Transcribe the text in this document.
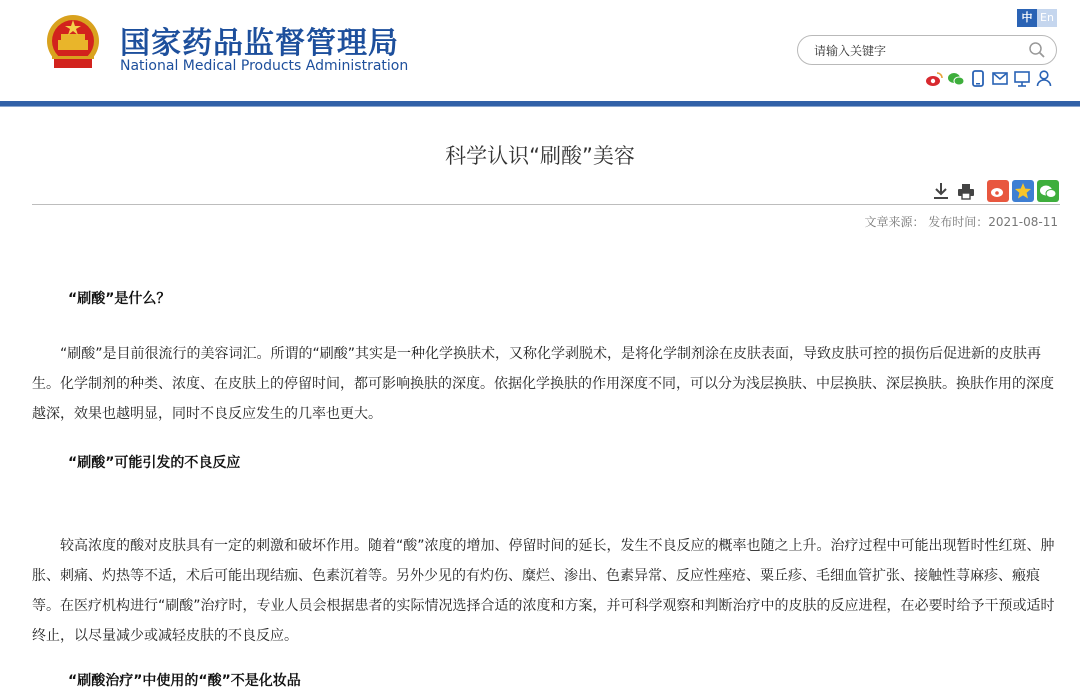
国家药品监督管理局
National Medical Products Administration
中 En
请输入关键字
科学认识“刷酸”美容
文章来源： 发布时间：2021-08-11
“刷酸”是什么？
“刷酸”是目前很流行的美容词汇。所谓的“刷酸”其实是一种化学换肤术，又称化学剥脱术，是将化学制剂涂在皮肤表面，导致皮肤可控的损伤后促进新的皮肤再生。化学制剂的种类、浓度、在皮肤上的停留时间，都可影响换肤的深度。依据化学换肤的作用深度不同，可以分为浅层换肤、中层换肤、深层换肤。换肤作用的深度越深，效果也越明显，同时不良反应发生的几率也更大。
“刷酸”可能引发的不良反应
较高浓度的酸对皮肤具有一定的刺激和破坏作用。随着“酸”浓度的增加、停留时间的延长，发生不良反应的概率也随之上升。治疗过程中可能出现暂时性红斑、肿胀、刺痛、灼热等不适，术后可能出现结痂、色素沉着等。另外少见的有灼伤、糜烂、渗出、色素异常、反应性痤疮、粟丘疹、毛细血管扩张、接触性荨麻疹、瘢痕等。在医疗机构进行“刷酸”治疗时，专业人员会根据患者的实际情况选择合适的浓度和方案，并可科学观察和判断治疗中的皮肤的反应进程，在必要时给予干预或适时终止，以尽量减少或减轻皮肤的不良反应。
“刷酸治疗”中使用的“酸”不是化妆品
